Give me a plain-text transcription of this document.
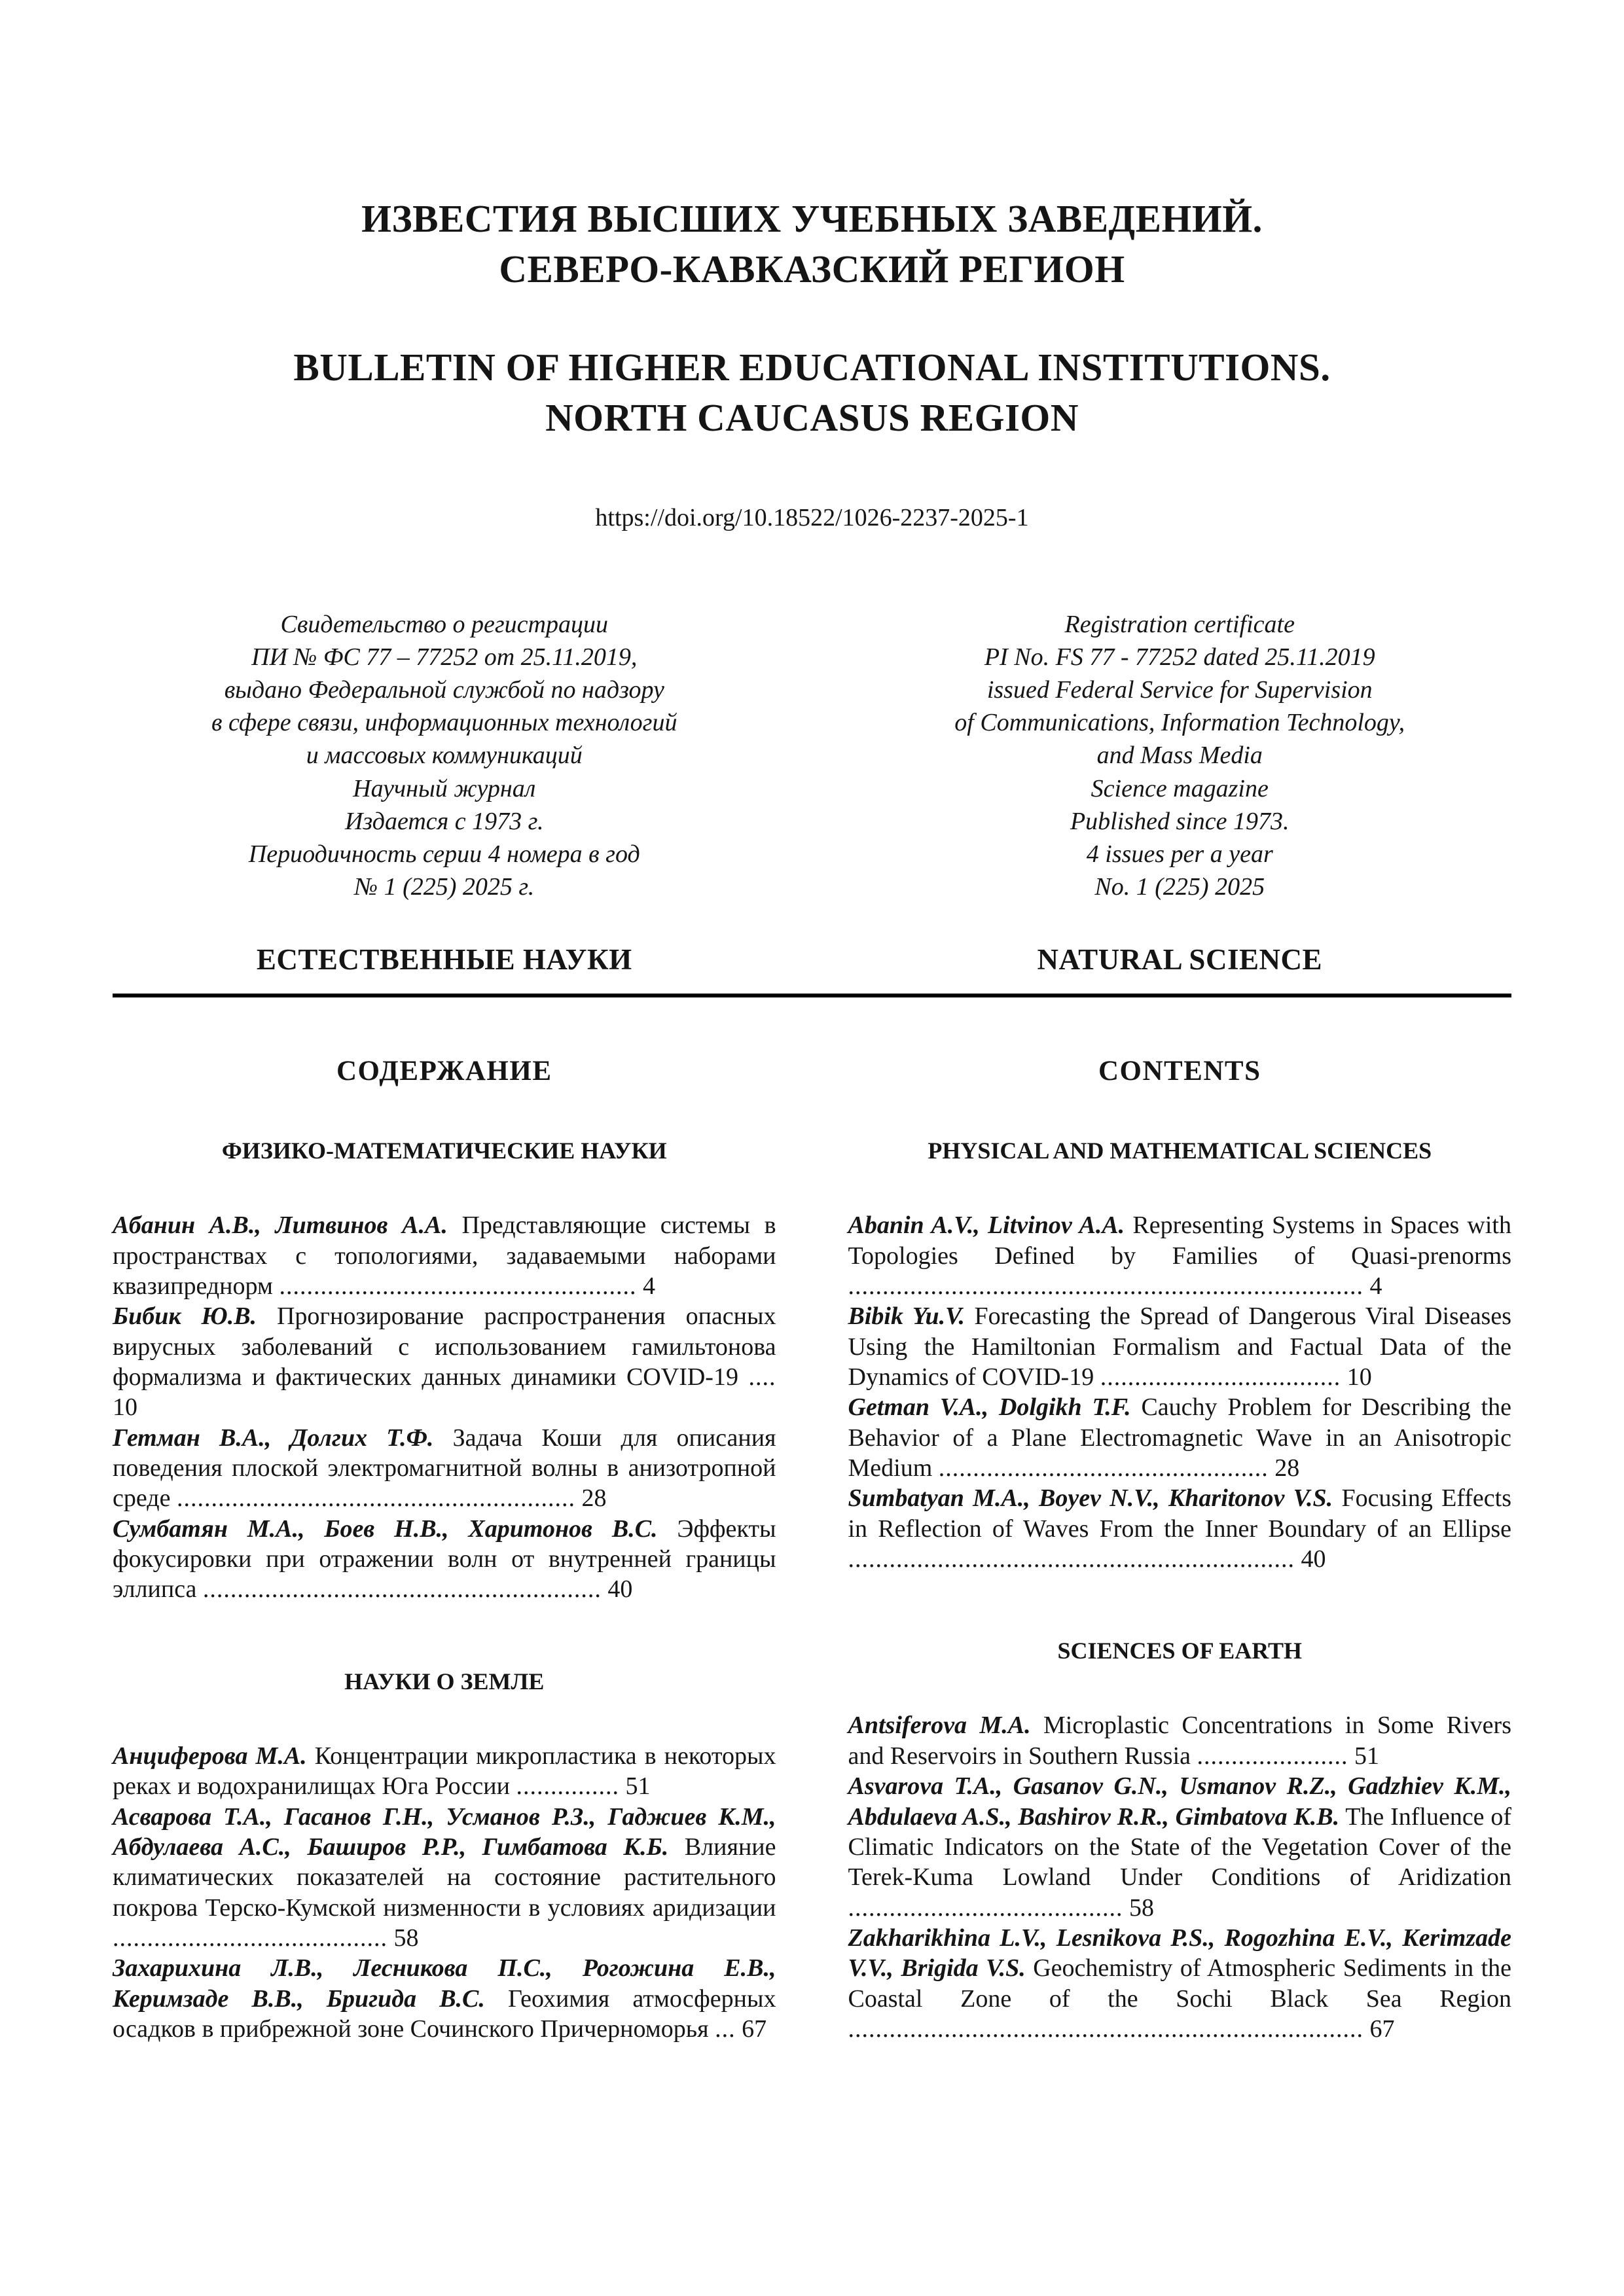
ИЗВЕСТИЯ ВЫСШИХ УЧЕБНЫХ ЗАВЕДЕНИЙ.
СЕВЕРО-КАВКАЗСКИЙ РЕГИОН
BULLETIN OF HIGHER EDUCATIONAL INSTITUTIONS.
NORTH CAUCASUS REGION
https://doi.org/10.18522/1026-2237-2025-1
Свидетельство о регистрации
ПИ № ФС 77 – 77252 от 25.11.2019,
выдано Федеральной службой по надзору
в сфере связи, информационных технологий
и массовых коммуникаций
Научный журнал
Издается с 1973 г.
Периодичность серии 4 номера в год
№ 1 (225) 2025 г.
Registration certificate
PI No. FS 77 - 77252 dated 25.11.2019
issued Federal Service for Supervision
of Communications, Information Technology,
and Mass Media
Science magazine
Published since 1973.
4 issues per a year
No. 1 (225) 2025
ЕСТЕСТВЕННЫЕ НАУКИ	NATURAL SCIENCE
СОДЕРЖАНИЕ
ФИЗИКО-МАТЕМАТИЧЕСКИЕ НАУКИ

Абанин А.В., Литвинов А.А. Представляющие системы в пространствах с топологиями, задаваемыми наборами квазипреднорм .................................................... 4

Бибик Ю.В. Прогнозирование распространения опасных вирусных заболеваний с использованием гамильтонова формализма и фактических данных динамики COVID-19 .... 10

Гетман В.А., Долгих Т.Ф. Задача Коши для описания поведения плоской электромагнитной волны в анизотропной среде .......................................................... 28

Сумбатян М.А., Боев Н.В., Харитонов В.С. Эффекты фокусировки при отражении волн от внутренней границы эллипса .......................................................... 40

НАУКИ О ЗЕМЛЕ

Анциферова М.А. Концентрации микропластика в некоторых реках и водохранилищах Юга России ............... 51

Асварова Т.А., Гасанов Г.Н., Усманов Р.З., Гаджиев К.М., Абдулаева А.С., Баширов Р.Р., Гимбатова К.Б. Влияние климатических показателей на состояние растительного покрова Терско-Кумской низменности в условиях аридизации ........................................ 58

Захарихина Л.В., Лесникова П.С., Рогожина Е.В., Керимзаде В.В., Бригида В.С. Геохимия атмосферных осадков в прибрежной зоне Сочинского Причерноморья ... 67

CONTENTS
PHYSICAL AND MATHEMATICAL SCIENCES

Abanin A.V., Litvinov A.A. Representing Systems in Spaces with Topologies Defined by Families of Quasi-prenorms ........................................................................... 4

Bibik Yu.V. Forecasting the Spread of Dangerous Viral Diseases Using the Hamiltonian Formalism and Factual Data of the Dynamics of COVID-19 ................................... 10

Getman V.A., Dolgikh T.F. Cauchy Problem for Describing the Behavior of a Plane Electromagnetic Wave in an Anisotropic Medium ................................................ 28

Sumbatyan M.A., Boyev N.V., Kharitonov V.S. Focusing Effects in Reflection of Waves From the Inner Boundary of an Ellipse ................................................................. 40

SCIENCES OF EARTH

Antsiferova M.A. Microplastic Concentrations in Some Rivers and Reservoirs in Southern Russia ...................... 51

Asvarova T.A., Gasanov G.N., Usmanov R.Z., Gadzhiev K.M., Abdulaeva A.S., Bashirov R.R., Gimbatova K.B. The Influence of Climatic Indicators on the State of the Vegetation Cover of the Terek-Kuma Lowland Under Conditions of Aridization ........................................ 58

Zakharikhina L.V., Lesnikova P.S., Rogozhina E.V., Kerimzade V.V., Brigida V.S. Geochemistry of Atmospheric Sediments in the Coastal Zone of the Sochi Black Sea Region ........................................................................... 67
